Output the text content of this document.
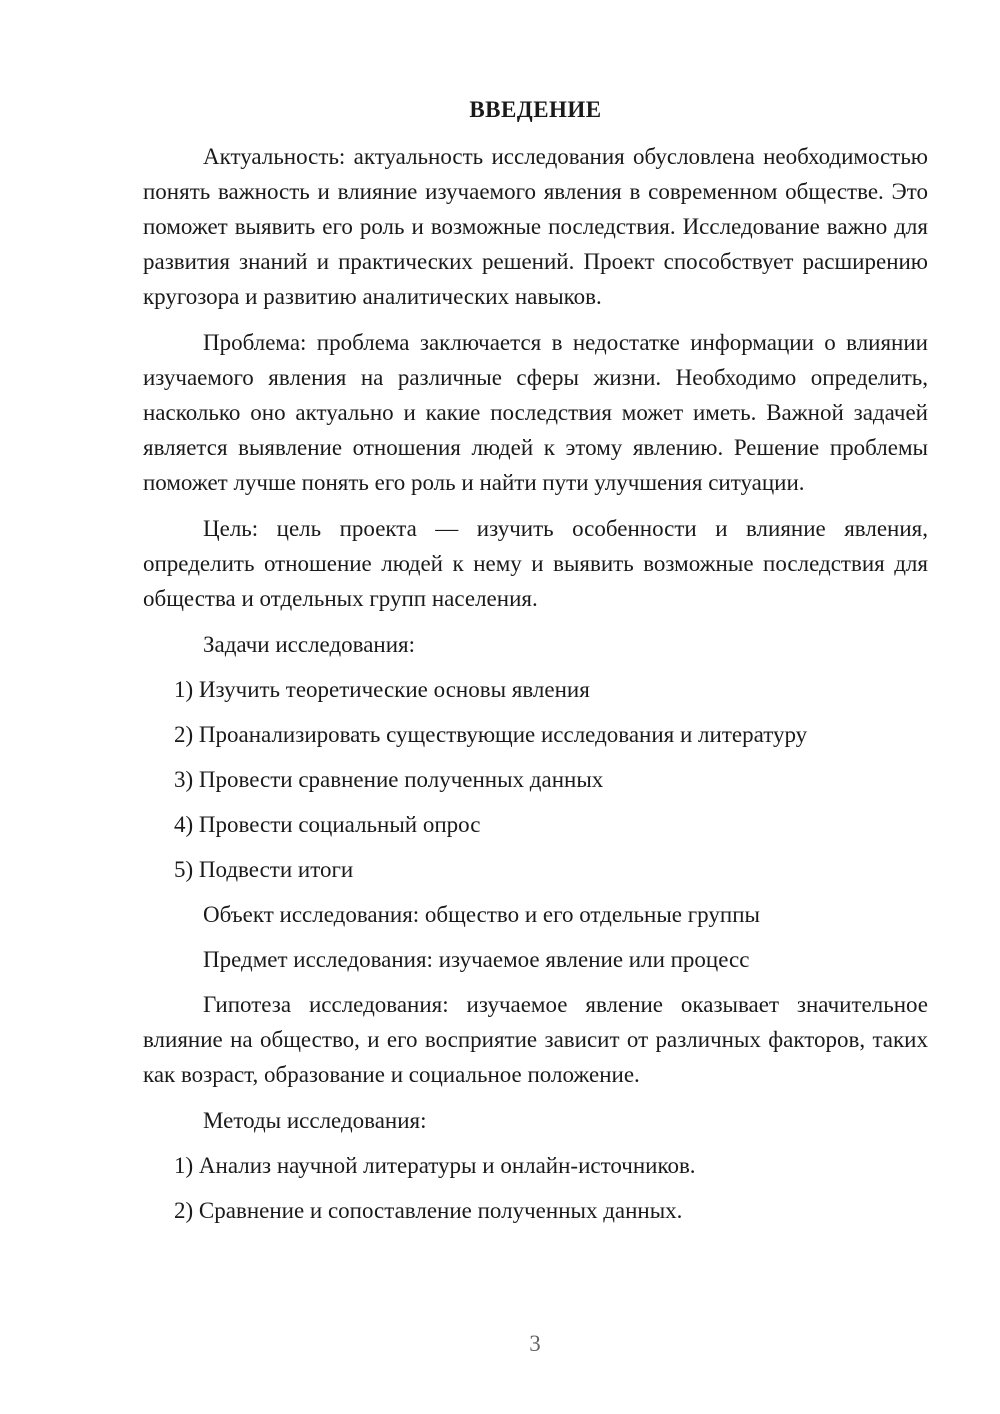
ВВЕДЕНИЕ

Актуальность: актуальность исследования обусловлена необходимостью понять важность и влияние изучаемого явления в современном обществе. Это поможет выявить его роль и возможные последствия. Исследование важно для развития знаний и практических решений. Проект способствует расширению кругозора и развитию аналитических навыков.

Проблема: проблема заключается в недостатке информации о влиянии изучаемого явления на различные сферы жизни. Необходимо определить, насколько оно актуально и какие последствия может иметь. Важной задачей является выявление отношения людей к этому явлению. Решение проблемы поможет лучше понять его роль и найти пути улучшения ситуации.

Цель: цель проекта — изучить особенности и влияние явления, определить отношение людей к нему и выявить возможные последствия для общества и отдельных групп населения.

Задачи исследования:
1) Изучить теоретические основы явления
2) Проанализировать существующие исследования и литературу
3) Провести сравнение полученных данных
4) Провести социальный опрос
5) Подвести итоги
Объект исследования: общество и его отдельные группы
Предмет исследования: изучаемое явление или процесс

Гипотеза исследования: изучаемое явление оказывает значительное влияние на общество, и его восприятие зависит от различных факторов, таких как возраст, образование и социальное положение.

Методы исследования:
1) Анализ научной литературы и онлайн-источников.
2) Сравнение и сопоставление полученных данных.
3
